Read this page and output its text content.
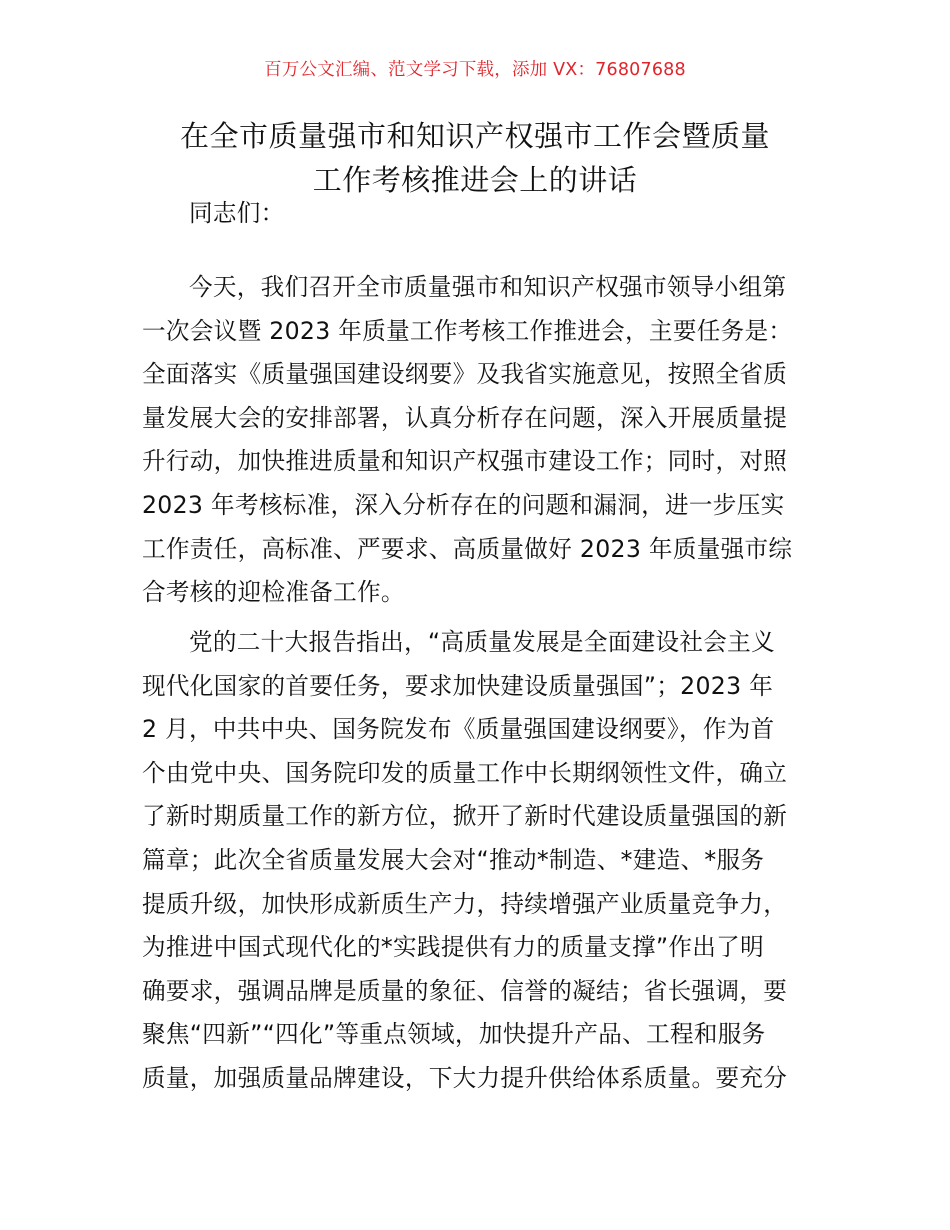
百万公文汇编、范文学习下载，添加 VX：76807688
在全市质量强市和知识产权强市工作会暨质量
工作考核推进会上的讲话
同志们：
今天，我们召开全市质量强市和知识产权强市领导小组第
一次会议暨 2023 年质量工作考核工作推进会，主要任务是：
全面落实《质量强国建设纲要》及我省实施意见，按照全省质
量发展大会的安排部署，认真分析存在问题，深入开展质量提
升行动，加快推进质量和知识产权强市建设工作；同时，对照
2023 年考核标准，深入分析存在的问题和漏洞，进一步压实
工作责任，高标准、严要求、高质量做好 2023 年质量强市综
合考核的迎检准备工作。
党的二十大报告指出，“高质量发展是全面建设社会主义
现代化国家的首要任务，要求加快建设质量强国”；2023 年
2 月，中共中央、国务院发布《质量强国建设纲要》，作为首
个由党中央、国务院印发的质量工作中长期纲领性文件，确立
了新时期质量工作的新方位，掀开了新时代建设质量强国的新
篇章；此次全省质量发展大会对“推动*制造、*建造、*服务
提质升级，加快形成新质生产力，持续增强产业质量竞争力，
为推进中国式现代化的*实践提供有力的质量支撑”作出了明
确要求，强调品牌是质量的象征、信誉的凝结；省长强调，要
聚焦“四新”“四化”等重点领域，加快提升产品、工程和服务
质量，加强质量品牌建设，下大力提升供给体系质量。要充分
